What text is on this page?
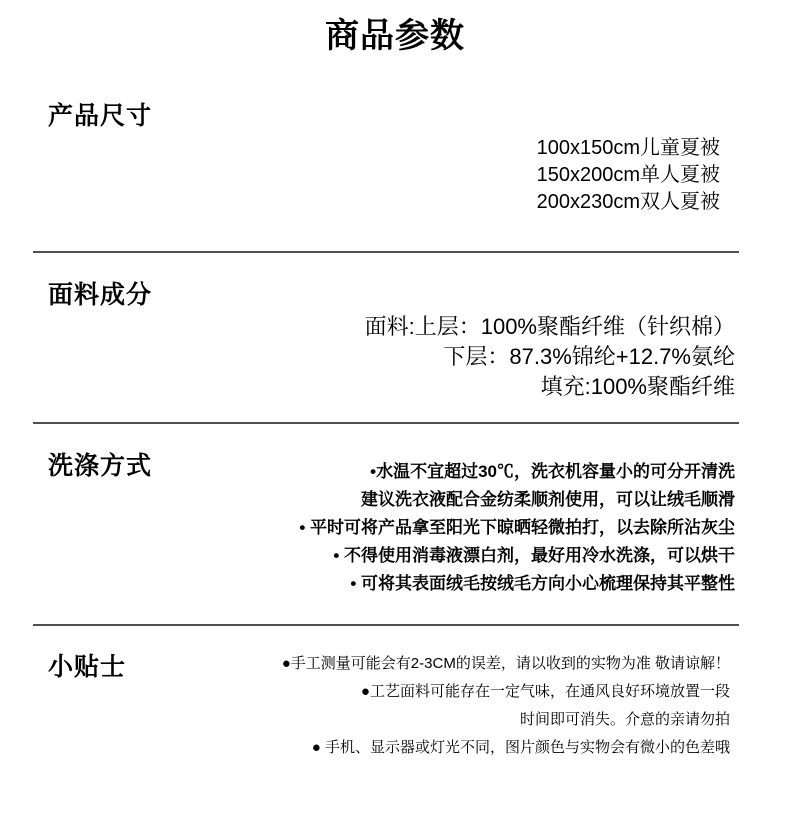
商品参数
产品尺寸
100x150cm儿童夏被
150x200cm单人夏被
200x230cm双人夏被
面料成分
面料:上层：100%聚酯纤维（针织棉）
下层：87.3%锦纶+12.7%氨纶
填充:100%聚酯纤维
洗涤方式	•水温不宜超过30℃，洗衣机容量小的可分开清洗
建议洗衣液配合金纺柔顺剂使用，可以让绒毛顺滑
• 平时可将产品拿至阳光下晾晒轻微拍打，以去除所沾灰尘
• 不得使用消毒液漂白剂，最好用冷水洗涤，可以烘干
• 可将其表面绒毛按绒毛方向小心梳理保持其平整性
小贴士	●手工测量可能会有2-3CM的误差，请以收到的实物为准 敬请谅解！
●工艺面料可能存在一定气味，在通风良好环境放置一段
时间即可消失。介意的亲请勿拍
● 手机、显示器或灯光不同，图片颜色与实物会有微小的色差哦
